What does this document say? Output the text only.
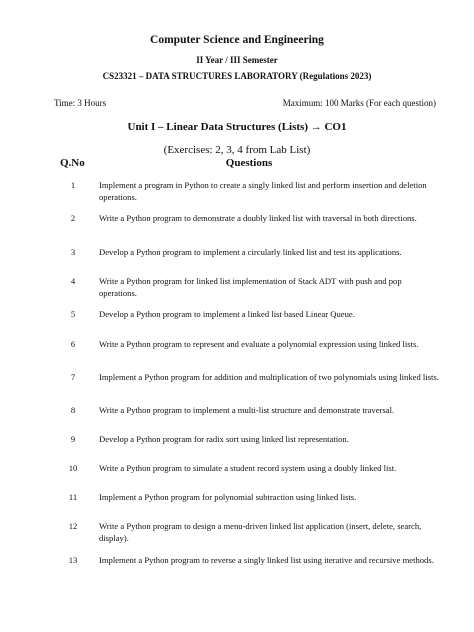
Computer Science and Engineering
II Year / III Semester
CS23321 – DATA STRUCTURES LABORATORY (Regulations 2023)
Time: 3 Hours	Maximum: 100 Marks (For each question)
Unit I – Linear Data Structures (Lists) → CO1
(Exercises: 2, 3, 4 from Lab List)
Q.No	Questions
1	Implement a program in Python to create a singly linked list and perform insertion and deletion operations.
2	Write a Python program to demonstrate a doubly linked list with traversal in both directions.
3	Develop a Python program to implement a circularly linked list and test its applications.
4	Write a Python program for linked list implementation of Stack ADT with push and pop operations.
5	Develop a Python program to implement a linked list based Linear Queue.
6	Write a Python program to represent and evaluate a polynomial expression using linked lists.
7	Implement a Python program for addition and multiplication of two polynomials using linked lists.
8	Write a Python program to implement a multi-list structure and demonstrate traversal.
9	Develop a Python program for radix sort using linked list representation.
10	Write a Python program to simulate a student record system using a doubly linked list.
11	Implement a Python program for polynomial subtraction using linked lists.
12	Write a Python program to design a menu-driven linked list application (insert, delete, search, display).
13	Implement a Python program to reverse a singly linked list using iterative and recursive methods.
